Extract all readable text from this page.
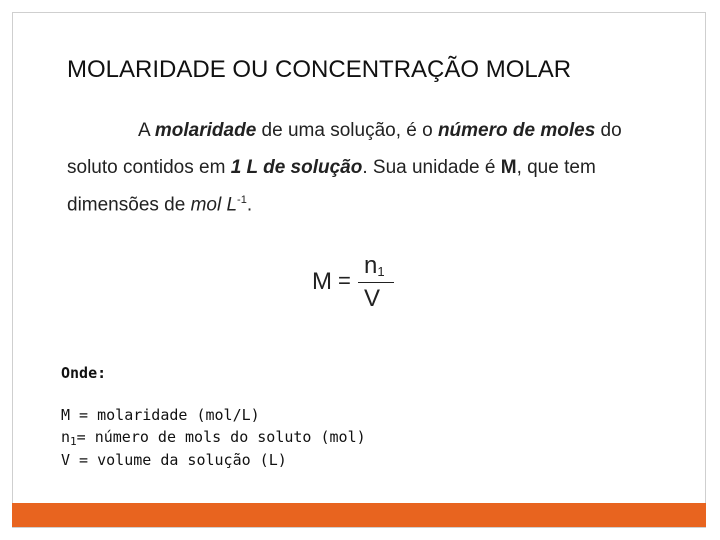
MOLARIDADE OU CONCENTRAÇÃO MOLAR
A molaridade de uma solução, é o número de moles do
soluto contidos em 1 L de solução. Sua unidade é M, que tem
dimensões de mol $L^{-1}$.
M =
n1
V
Onde:
M = molaridade (mol/L)
$n_1=$ número de mols do soluto (mol)
V = volume da solução (L)
